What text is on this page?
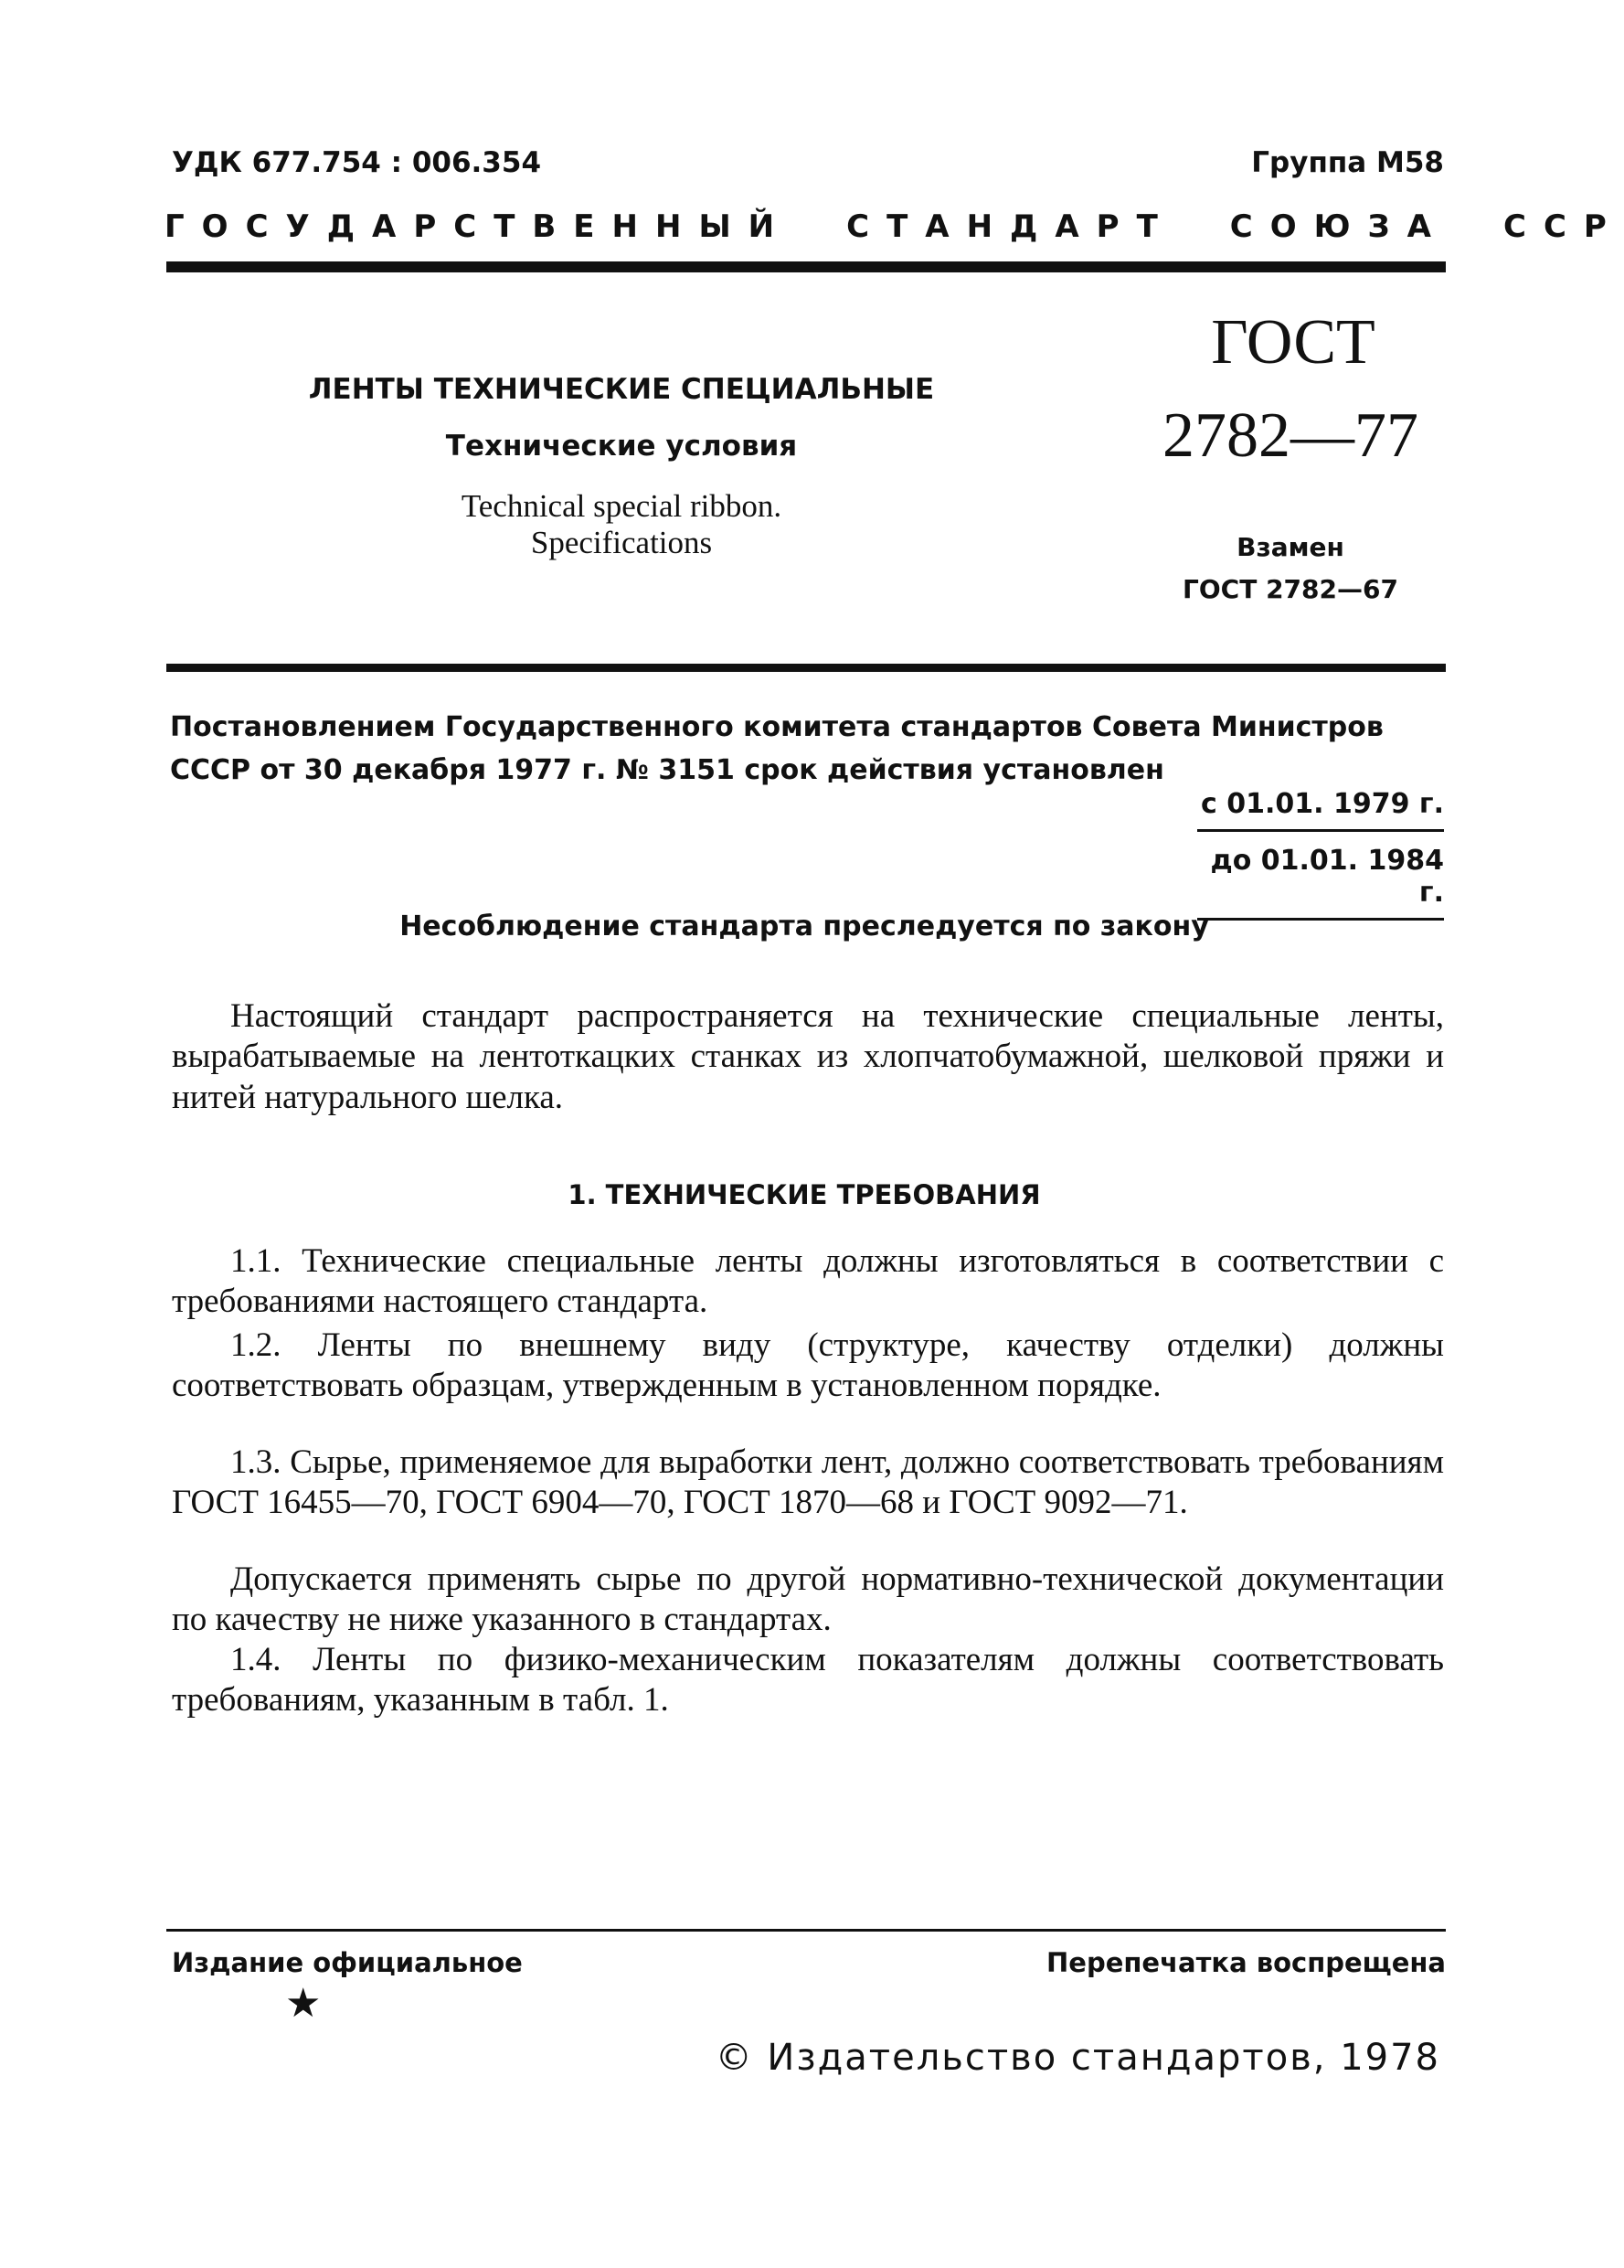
УДК 677.754 : 006.354	Группа М58
ГОСУДАРСТВЕННЫЙ СТАНДАРТ СОЮЗА ССР
ЛЕНТЫ ТЕХНИЧЕСКИЕ СПЕЦИАЛЬНЫЕ
Технические условия
Technical special ribbon. Specifications
ГОСТ
2782—77
Взамен
ГОСТ 2782—67
Постановлением Государственного комитета стандартов Совета Министров СССР от 30 декабря 1977 г. № 3151 срок действия установлен
с 01.01. 1979 г.
до 01.01. 1984 г.
Несоблюдение стандарта преследуется по закону
Настоящий стандарт распространяется на технические специальные ленты, вырабатываемые на лентоткацких станках из хлопчатобумажной, шелковой пряжи и нитей натурального шелка.
1. ТЕХНИЧЕСКИЕ ТРЕБОВАНИЯ
1.1. Технические специальные ленты должны изготовляться в соответствии с требованиями настоящего стандарта.
1.2. Ленты по внешнему виду (структуре, качеству отделки) должны соответствовать образцам, утвержденным в установленном порядке.
1.3. Сырье, применяемое для выработки лент, должно соответствовать требованиям ГОСТ 16455—70, ГОСТ 6904—70, ГОСТ 1870—68 и ГОСТ 9092—71.
Допускается применять сырье по другой нормативно-технической документации по качеству не ниже указанного в стандартах.
1.4. Ленты по физико-механическим показателям должны соответствовать требованиям, указанным в табл. 1.
Издание официальное
★
Перепечатка воспрещена
© Издательство стандартов, 1978
